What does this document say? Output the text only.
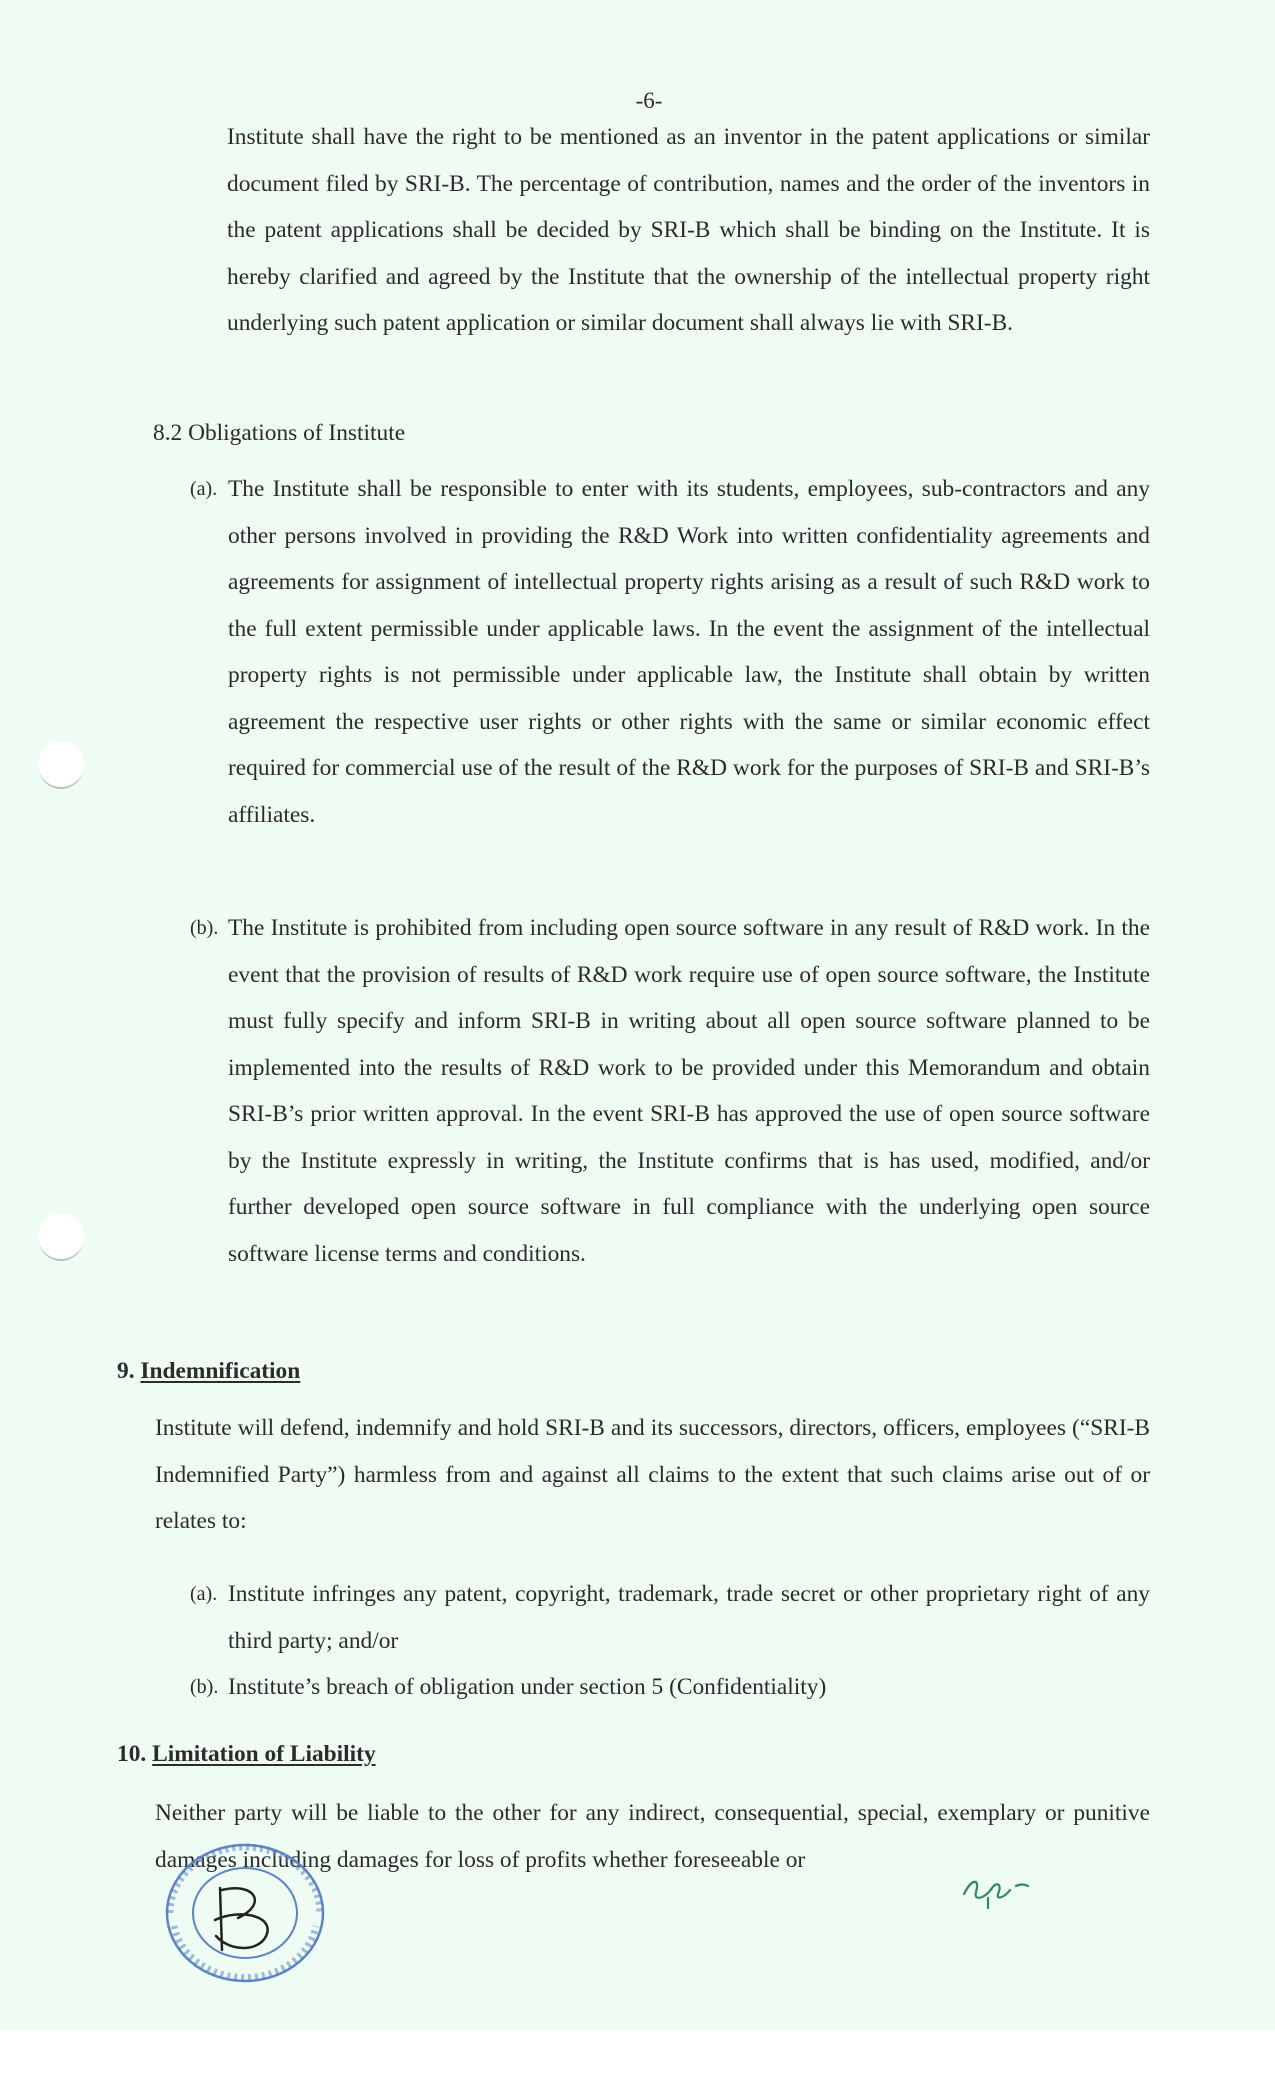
-6-
Institute shall have the right to be mentioned as an inventor in the patent applications or similar document filed by SRI-B. The percentage of contribution, names and the order of the inventors in the patent applications shall be decided by SRI-B which shall be binding on the Institute. It is hereby clarified and agreed by the Institute that the ownership of the intellectual property right underlying such patent application or similar document shall always lie with SRI-B.
8.2 Obligations of Institute
(a). The Institute shall be responsible to enter with its students, employees, sub-contractors and any other persons involved in providing the R&D Work into written confidentiality agreements and agreements for assignment of intellectual property rights arising as a result of such R&D work to the full extent permissible under applicable laws. In the event the assignment of the intellectual property rights is not permissible under applicable law, the Institute shall obtain by written agreement the respective user rights or other rights with the same or similar economic effect required for commercial use of the result of the R&D work for the purposes of SRI-B and SRI-B’s affiliates.
(b). The Institute is prohibited from including open source software in any result of R&D work. In the event that the provision of results of R&D work require use of open source software, the Institute must fully specify and inform SRI-B in writing about all open source software planned to be implemented into the results of R&D work to be provided under this Memorandum and obtain SRI-B’s prior written approval. In the event SRI-B has approved the use of open source software by the Institute expressly in writing, the Institute confirms that is has used, modified, and/or further developed open source software in full compliance with the underlying open source software license terms and conditions.
9. Indemnification
Institute will defend, indemnify and hold SRI-B and its successors, directors, officers, employees (“SRI-B Indemnified Party”) harmless from and against all claims to the extent that such claims arise out of or relates to:
(a). Institute infringes any patent, copyright, trademark, trade secret or other proprietary right of any third party; and/or
(b). Institute’s breach of obligation under section 5 (Confidentiality)
10. Limitation of Liability
Neither party will be liable to the other for any indirect, consequential, special, exemplary or punitive damages including damages for loss of profits whether foreseeable or
